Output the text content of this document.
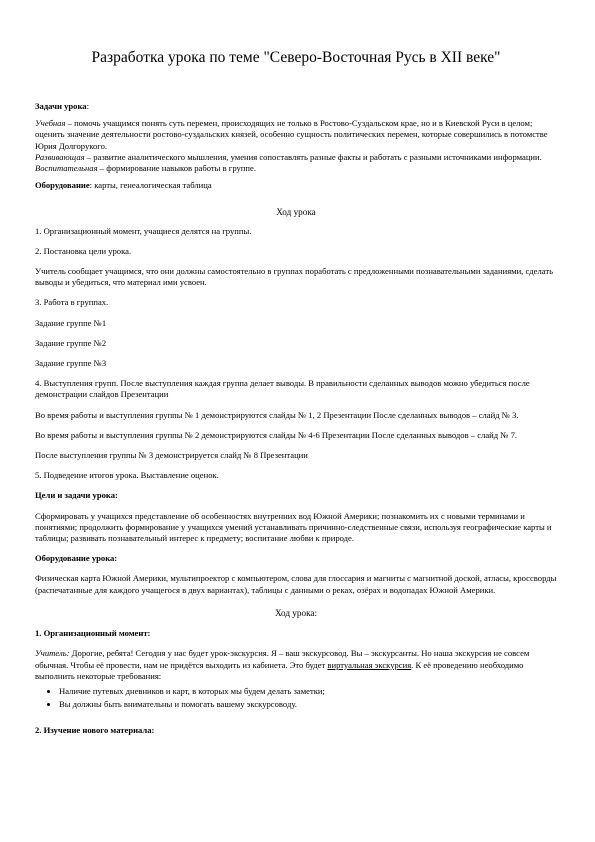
Разработка урока по теме "Северо-Восточная Русь в XII веке"

Задачи урока:

Учебная – помочь учащимся понять суть перемен, происходящих не только в Ростово-Суздальском крае, но и в Киевской Руси в целом; оценить значение деятельности ростово-суздальских князей, особенно сущность политических перемен, которые совершились в потомстве Юрия Долгорукого.

Развивающая – развитие аналитического мышления, умения сопоставлять разные факты и работать с разными источниками информации.

Воспитательная – формирование навыков работы в группе.

Оборудование: карты, генеалогическая таблица

Ход урока

1. Организационный момент, учащиеся делятся на группы.

2. Постановка цели урока.

Учитель сообщает учащимся, что они должны самостоятельно в группах поработать с предложенными познавательными заданиями, сделать выводы и убедиться, что материал ими усвоен.

3. Работа в группах.

Задание группе №1

Задание группе №2

Задание группе №3

4. Выступления групп. После выступления каждая группа делает выводы. В правильности сделанных выводов можно убедиться после демонстрации слайдов Презентации

Во время работы и выступления группы № 1 демонстрируются слайды № 1, 2 Презентации После сделанных выводов – слайд № 3.

Во время работы и выступления группы № 2 демонстрируются слайды № 4-6 Презентации После сделанных выводов – слайд № 7.

После выступления группы № 3 демонстрируется слайд № 8 Презентации

5. Подведение итогов урока. Выставление оценок.

Цели и задачи урока:

Сформировать у учащихся представление об особенностях внутренних вод Южной Америки; познакомить их с новыми терминами и понятиями; продолжить формирование у учащихся умений устанавливать причинно-следственные связи, используя географические карты и таблицы; развивать познавательный интерес к предмету; воспитание любви к природе.

Оборудование урока:

Физическая карта Южной Америки, мультипроектор с компьютером, слова для глоссария и магниты с магнитной доской, атласы, кроссворды (распечатанные для каждого учащегося в двух вариантах), таблицы с данными о реках, озёрах и водопадах Южной Америки.

Ход урока:

1. Организационный момент:

Учитель: Дорогие, ребята! Сегодня у нас будет урок-экскурсия. Я – ваш экскурсовод. Вы – экскурсанты. Но наша экскурсия не совсем обычная. Чтобы её провести, нам не придётся выходить из кабинета. Это будет виртуальная экскурсия. К её проведению необходимо выполнить некоторые требования:

• Наличие путевых дневников и карт, в которых мы будем делать заметки;
• Вы должны быть внимательны и помогать вашему экскурсоводу.

2. Изучение нового материала:
